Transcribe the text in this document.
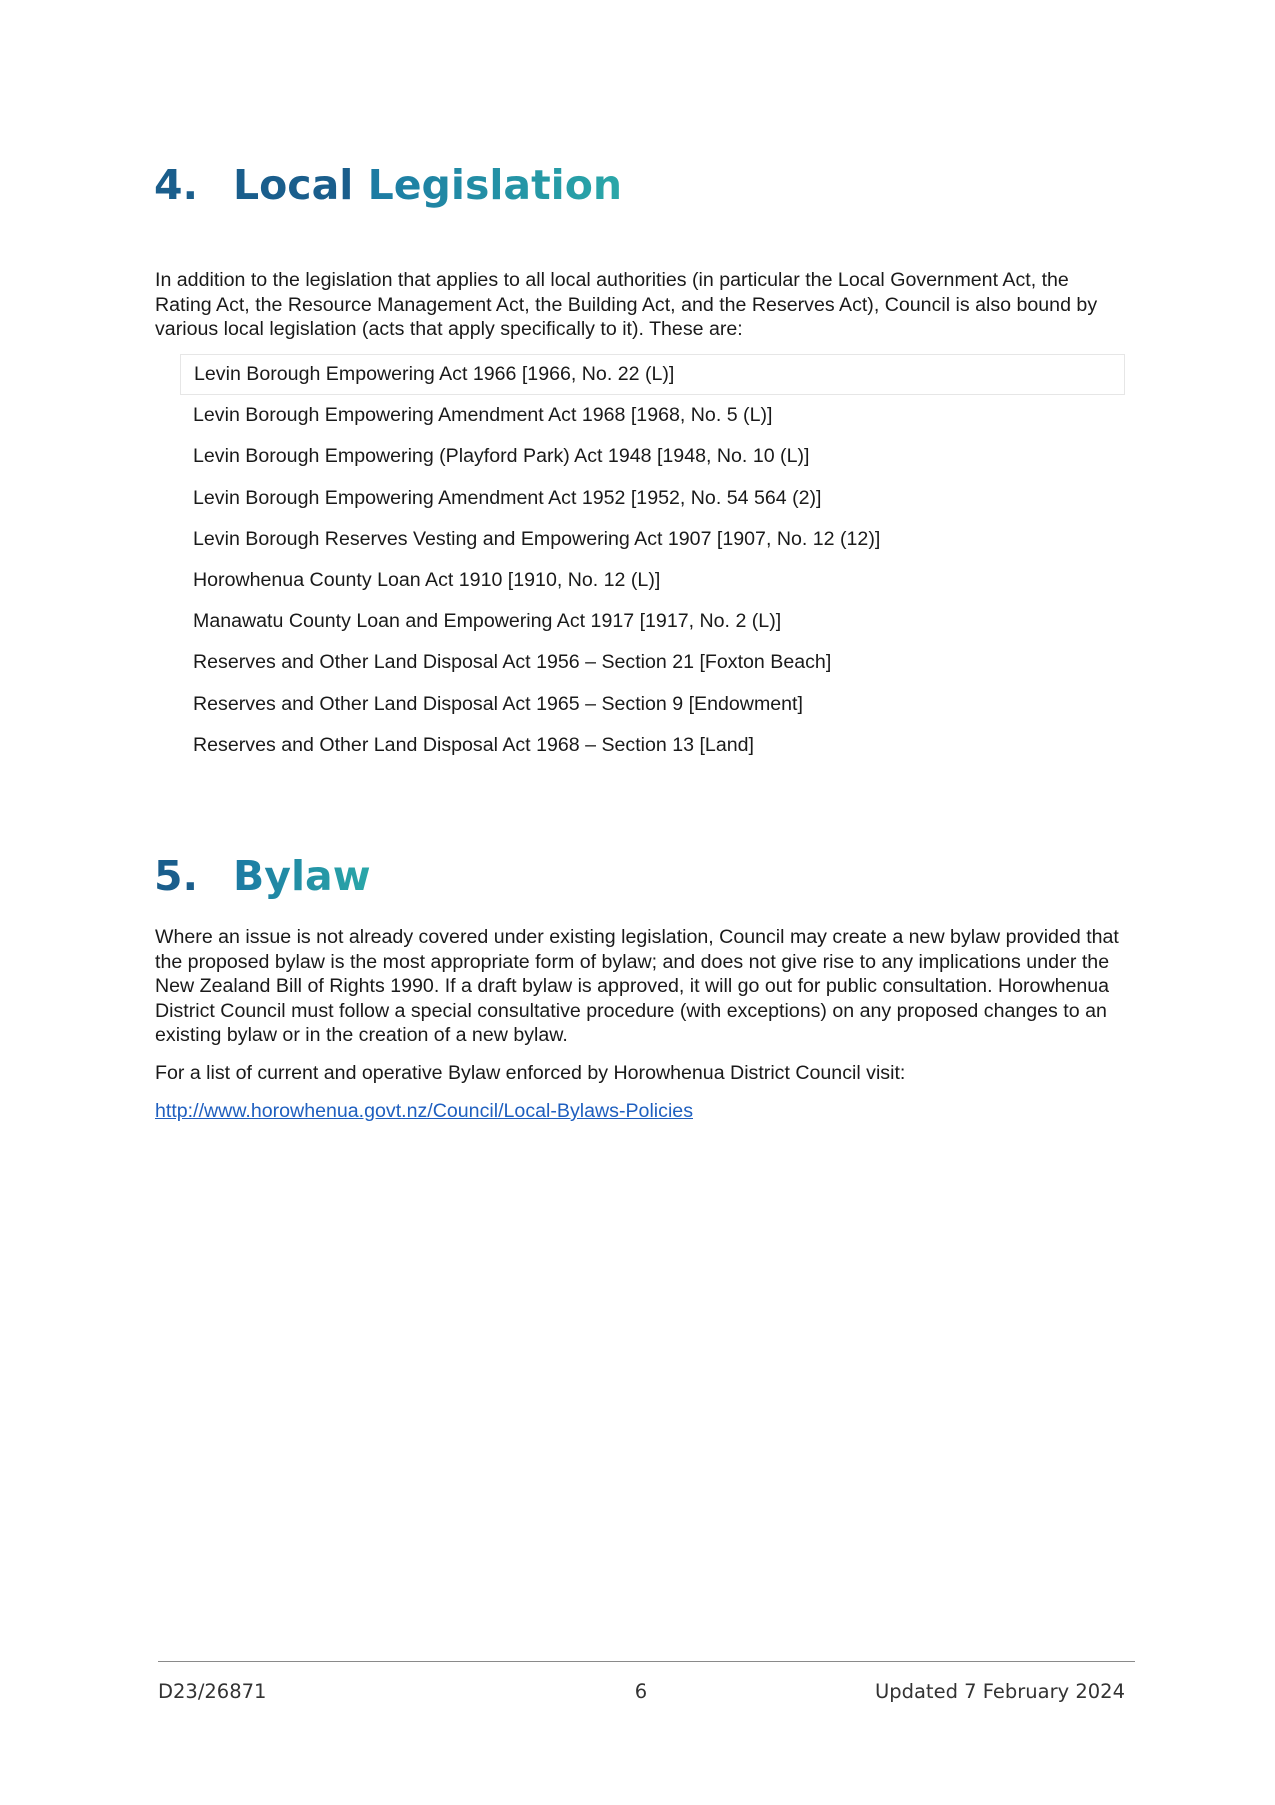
4. Local Legislation

In addition to the legislation that applies to all local authorities (in particular the Local Government Act, the Rating Act, the Resource Management Act, the Building Act, and the Reserves Act), Council is also bound by various local legislation (acts that apply specifically to it). These are:

Levin Borough Empowering Act 1966 [1966, No. 22 (L)]
Levin Borough Empowering Amendment Act 1968 [1968, No. 5 (L)]
Levin Borough Empowering (Playford Park) Act 1948 [1948, No. 10 (L)]
Levin Borough Empowering Amendment Act 1952 [1952, No. 54 564 (2)]
Levin Borough Reserves Vesting and Empowering Act 1907 [1907, No. 12 (12)]
Horowhenua County Loan Act 1910 [1910, No. 12 (L)]
Manawatu County Loan and Empowering Act 1917 [1917, No. 2 (L)]
Reserves and Other Land Disposal Act 1956 – Section 21 [Foxton Beach]
Reserves and Other Land Disposal Act 1965 – Section 9 [Endowment]
Reserves and Other Land Disposal Act 1968 – Section 13 [Land]
5. Bylaw

Where an issue is not already covered under existing legislation, Council may create a new bylaw provided that the proposed bylaw is the most appropriate form of bylaw; and does not give rise to any implications under the New Zealand Bill of Rights 1990. If a draft bylaw is approved, it will go out for public consultation. Horowhenua District Council must follow a special consultative procedure (with exceptions) on any proposed changes to an existing bylaw or in the creation of a new bylaw.

For a list of current and operative Bylaw enforced by Horowhenua District Council visit:

http://www.horowhenua.govt.nz/Council/Local-Bylaws-Policies
D23/26871	6	Updated 7 February 2024
